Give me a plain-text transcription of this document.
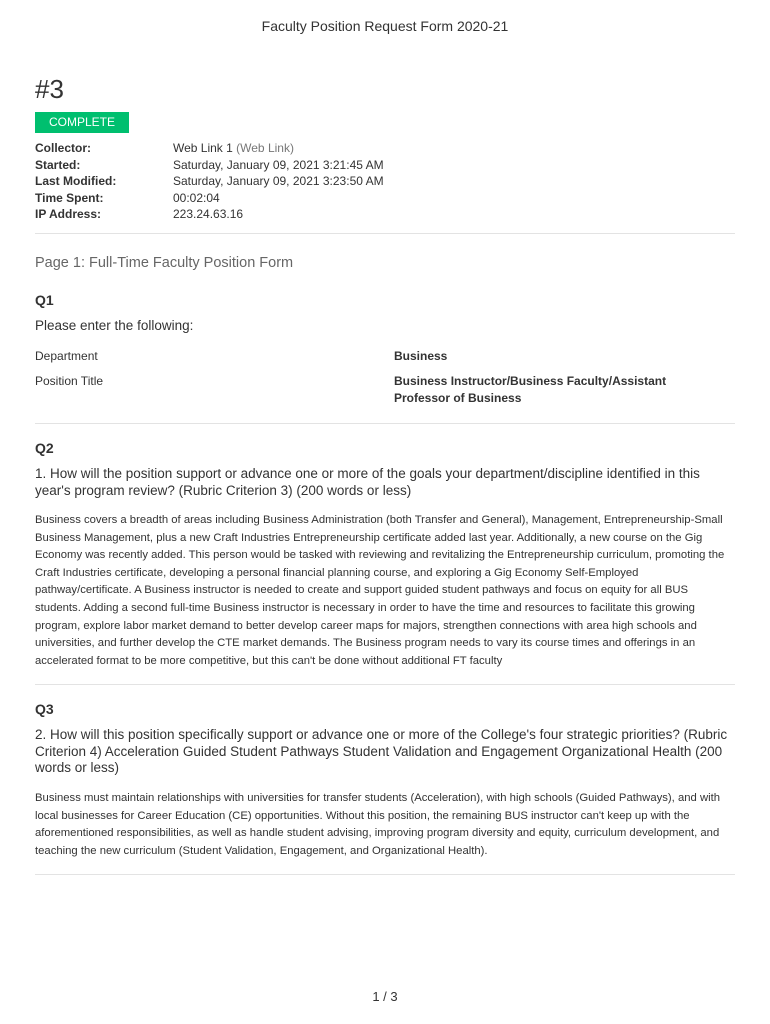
Faculty Position Request Form 2020-21
#3
COMPLETE
Collector:	Web Link 1 (Web Link)
Started:	Saturday, January 09, 2021 3:21:45 AM
Last Modified:	Saturday, January 09, 2021 3:23:50 AM
Time Spent:	00:02:04
IP Address:	223.24.63.16
Page 1: Full-Time Faculty Position Form
Q1
Please enter the following:
Department	Business
Position Title	Business Instructor/Business Faculty/Assistant Professor of Business
Q2
1. How will the position support or advance one or more of the goals your department/discipline identified in this year's program review? (Rubric Criterion 3) (200 words or less)
Business covers a breadth of areas including Business Administration (both Transfer and General), Management, Entrepreneurship-Small Business Management, plus a new Craft Industries Entrepreneurship certificate added last year. Additionally, a new course on the Gig Economy was recently added. This person would be tasked with reviewing and revitalizing the Entrepreneurship curriculum, promoting the Craft Industries certificate, developing a personal financial planning course, and exploring a Gig Economy Self-Employed pathway/certificate. A Business instructor is needed to create and support guided student pathways and focus on equity for all BUS students. Adding a second full-time Business instructor is necessary in order to have the time and resources to facilitate this growing program, explore labor market demand to better develop career maps for majors, strengthen connections with area high schools and universities, and further develop the CTE market demands. The Business program needs to vary its course times and offerings in an accelerated format to be more competitive, but this can't be done without additional FT faculty
Q3
2. How will this position specifically support or advance one or more of the College's four strategic priorities? (Rubric Criterion 4) Acceleration Guided Student Pathways Student Validation and Engagement Organizational Health (200 words or less)
Business must maintain relationships with universities for transfer students (Acceleration), with high schools (Guided Pathways), and with local businesses for Career Education (CE) opportunities. Without this position, the remaining BUS instructor can't keep up with the aforementioned responsibilities, as well as handle student advising, improving program diversity and equity, curriculum development, and teaching the new curriculum (Student Validation, Engagement, and Organizational Health).
1 / 3
